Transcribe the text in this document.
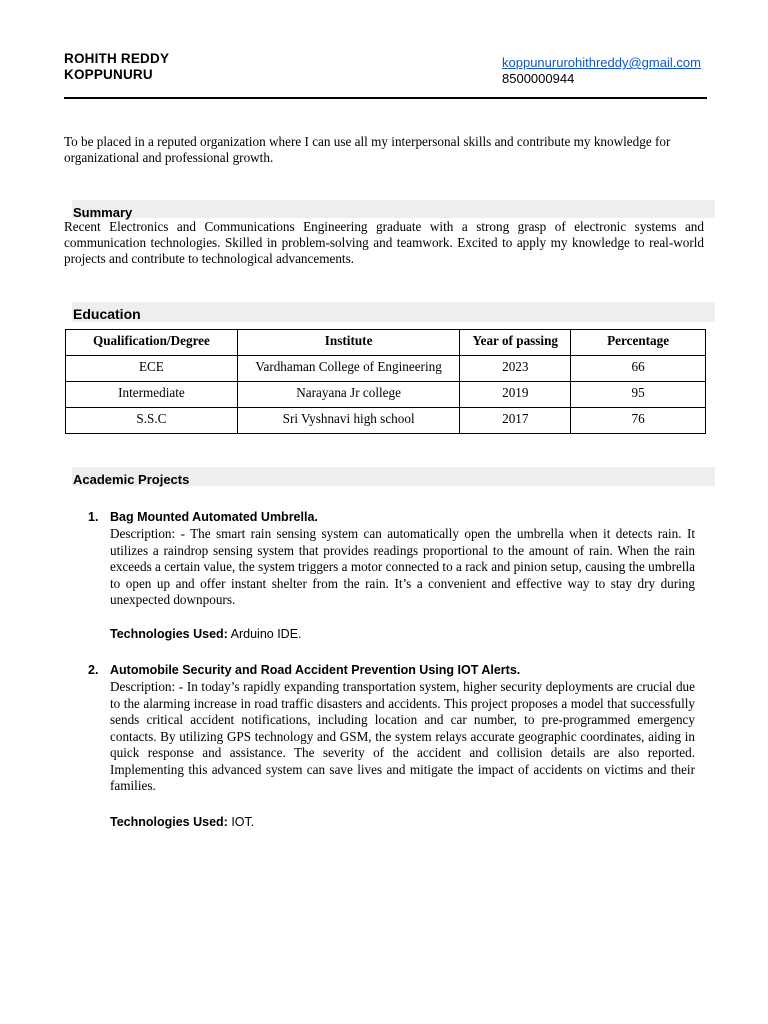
ROHITH REDDY
KOPPUNURU
koppunururohithreddy@gmail.com
8500000944
To be placed in a reputed organization where I can use all my interpersonal skills and contribute my knowledge for organizational and professional growth.
Summary
Recent Electronics and Communications Engineering graduate with a strong grasp of electronic systems and communication technologies. Skilled in problem-solving and teamwork. Excited to apply my knowledge to real-world projects and contribute to technological advancements.
Education
Qualification/Degree	Institute	Year of passing	Percentage
ECE	Vardhaman College of Engineering	2023	66
Intermediate	Narayana Jr college	2019	95
S.S.C	Sri Vyshnavi high school	2017	76
Academic Projects
1. Bag Mounted Automated Umbrella.
Description: - The smart rain sensing system can automatically open the umbrella when it detects rain. It utilizes a raindrop sensing system that provides readings proportional to the amount of rain. When the rain exceeds a certain value, the system triggers a motor connected to a rack and pinion setup, causing the umbrella to open up and offer instant shelter from the rain. It’s a convenient and effective way to stay dry during unexpected downpours.
Technologies Used: Arduino IDE.
2. Automobile Security and Road Accident Prevention Using IOT Alerts.
Description: - In today’s rapidly expanding transportation system, higher security deployments are crucial due to the alarming increase in road traffic disasters and accidents. This project proposes a model that successfully sends critical accident notifications, including location and car number, to pre-programmed emergency contacts. By utilizing GPS technology and GSM, the system relays accurate geographic coordinates, aiding in quick response and assistance. The severity of the accident and collision details are also reported. Implementing this advanced system can save lives and mitigate the impact of accidents on victims and their families.
Technologies Used: IOT.
